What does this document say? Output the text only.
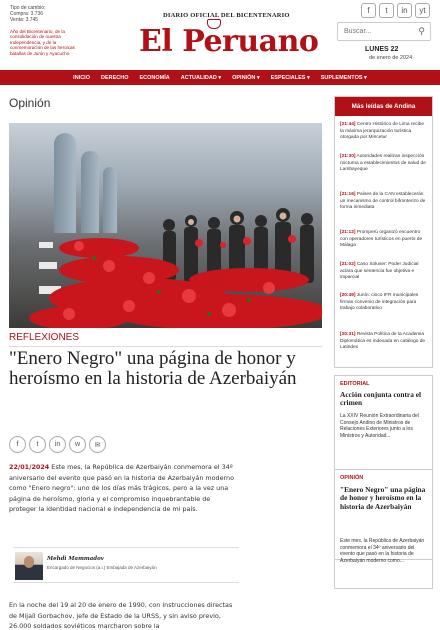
Tipo de cambio:
Compra: 3.736
Venta: 3.745
Año del Bicentenario, de la consolidación de nuestra Independencia, y de la conmemoración de las heroicas batallas de Junín y Ayacucho
DIARIO OFICIAL DEL BICENTENARIO
El Peruano
f	t	in	yt
Buscar...
⚲
LUNES 22
de enero de 2024
INICIO DERECHO ECONOMÍA ACTUALIDAD ▾ OPINIÓN ▾ ESPECIALES ▾ SUPLEMENTOS ▾
Opinión
REFLEXIONES
"Enero Negro" una página de honor y heroísmo en la historia de Azerbaiyán
f	t	in	w	✉

22/01/2024 Este mes, la República de Azerbaiyán conmemora el 34º aniversario del evento que pasó en la historia de Azerbaiyán moderno como "Enero negro": uno de los días más trágicos, pero a la vez una página de heroísmo, gloria y el compromiso inquebrantable de proteger la identidad nacional e independencia de mi país.

Mehdi Mammadov
Encargado de Negocios (a.i.) Embajada de Azerbaiyán

En la noche del 19 al 20 de enero de 1990, con instrucciones directas de Mijaíl Gorbachov, jefe de Estado de la URSS, y sin aviso previo, 26.000 soldados soviéticos marcharon sobre la

Más leídas de Andina
[21:44] Centro Histórico de Lima recibe la máxima jerarquización turística otorgada por Mincetur
[21:30] Autoridades realizan inspección nocturna a establecimientos de salud de Lambayeque
[21:16] Países de la CAN establecerán un mecanismo de control bifronterizo de forma inmediata
[21:12] Promperú organizó encuentro con operadores turísticos en puerto de Málaga
[21:02] Caso Soluser: Poder Judicial aclara que sentencia fue objetiva e imparcial
[20:49] Junín: cinco IFR municipales firman convenio de integración para trabajo colaborativo
[20:31] Revista Política de la Academia Diplomática es indexada en catálogo de Latindex
EDITORIAL
Acción conjunta contra el crimen
La XXIV Reunión Extraordinaria del Consejo Andino de Ministros de Relaciones Exteriores junto a los Ministros y Autoridad...
OPINIÓN
"Enero Negro" una página de honor y heroísmo en la historia de Azerbaiyán
Este mes, la República de Azerbaiyán conmemora el 34º aniversario del evento que pasó en la historia de Azerbaiyán moderno como...
